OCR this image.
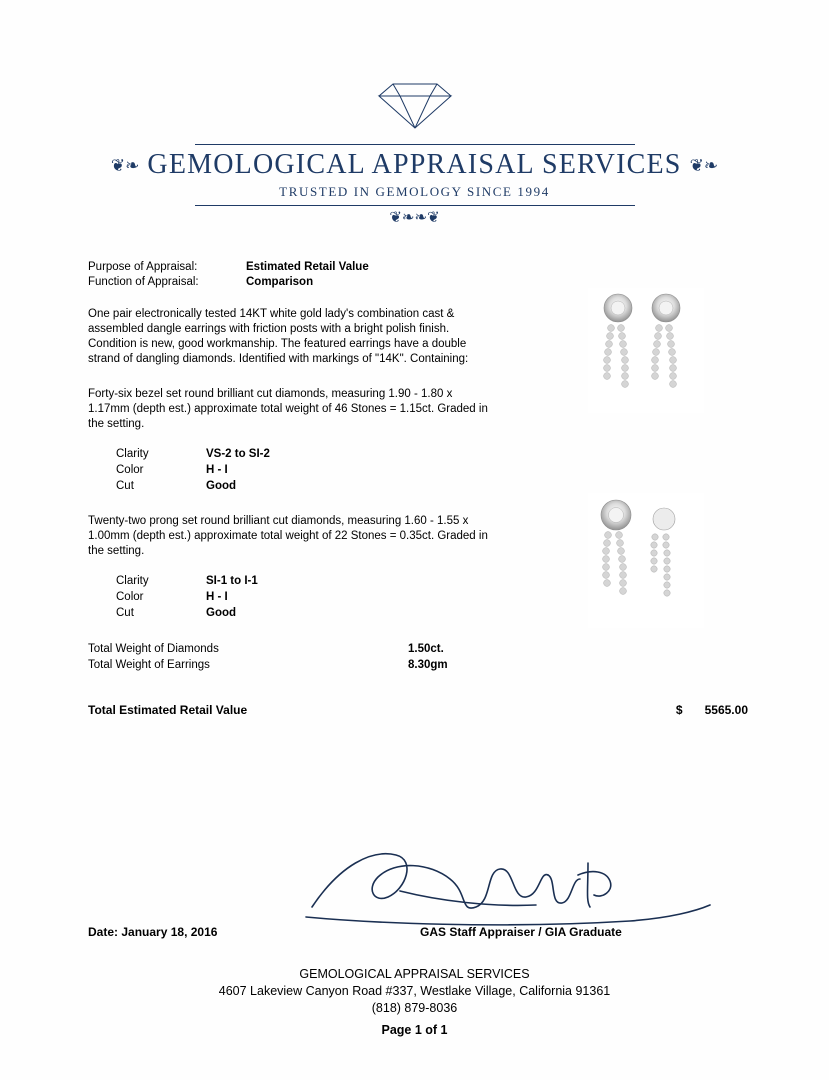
❦❧ GEMOLOGICAL APPRAISAL SERVICES ❦❧
TRUSTED IN GEMOLOGY SINCE 1994
❦❧❧❦
Purpose of Appraisal:	Estimated Retail Value
Function of Appraisal:	Comparison
One pair electronically tested 14KT white gold lady's combination cast & assembled dangle earrings with friction posts with a bright polish finish. Condition is new, good workmanship. The featured earrings have a double strand of dangling diamonds. Identified with markings of "14K". Containing:
Forty-six bezel set round brilliant cut diamonds, measuring 1.90 - 1.80 x 1.17mm (depth est.) approximate total weight of 46 Stones = 1.15ct. Graded in the setting.
Clarity	VS-2 to SI-2
Color	H - I
Cut	Good
Twenty-two prong set round brilliant cut diamonds, measuring 1.60 - 1.55 x 1.00mm (depth est.) approximate total weight of 22 Stones = 0.35ct. Graded in the setting.
Clarity	SI-1 to I-1
Color	H - I
Cut	Good
Total Weight of Diamonds	1.50ct.
Total Weight of Earrings	8.30gm
Total Estimated Retail Value	$ 5565.00
Date: January 18, 2016	GAS Staff Appraiser / GIA Graduate
GEMOLOGICAL APPRAISAL SERVICES
4607 Lakeview Canyon Road #337, Westlake Village, California 91361
(818) 879-8036
Page 1 of 1
